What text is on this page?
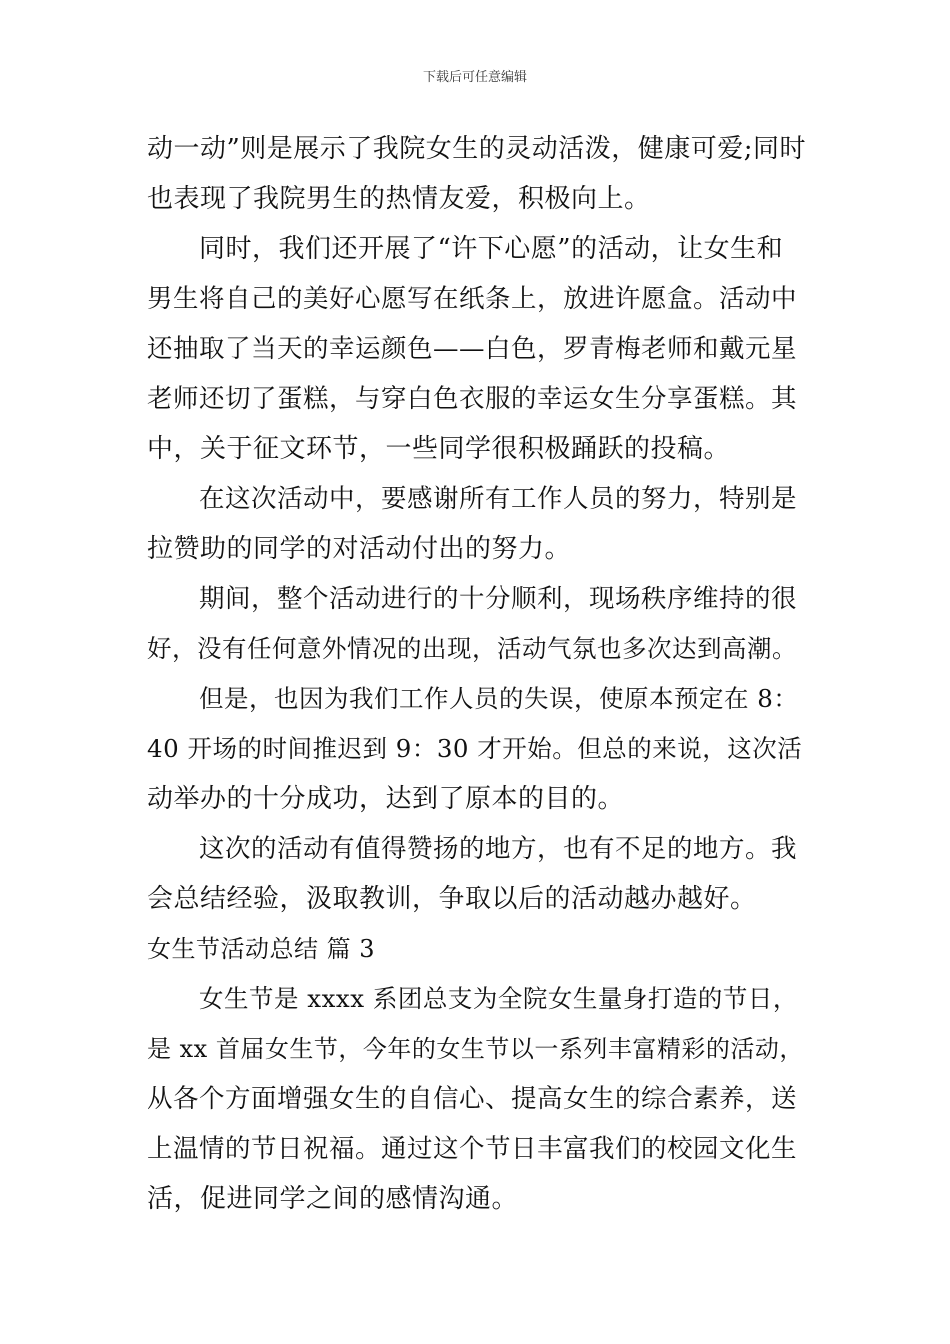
下载后可任意编辑
动一动”则是展示了我院女生的灵动活泼，健康可爱;同时
也表现了我院男生的热情友爱，积极向上。
同时，我们还开展了“许下心愿”的活动，让女生和
男生将自己的美好心愿写在纸条上，放进许愿盒。活动中
还抽取了当天的幸运颜色——白色，罗青梅老师和戴元星
老师还切了蛋糕，与穿白色衣服的幸运女生分享蛋糕。其
中，关于征文环节，一些同学很积极踊跃的投稿。
在这次活动中，要感谢所有工作人员的努力，特别是
拉赞助的同学的对活动付出的努力。
期间，整个活动进行的十分顺利，现场秩序维持的很
好，没有任何意外情况的出现，活动气氛也多次达到高潮。
但是，也因为我们工作人员的失误，使原本预定在 8：
40 开场的时间推迟到 9：30 才开始。但总的来说，这次活
动举办的十分成功，达到了原本的目的。
这次的活动有值得赞扬的地方，也有不足的地方。我
会总结经验，汲取教训，争取以后的活动越办越好。
女生节活动总结 篇 3
女生节是 xxxx 系团总支为全院女生量身打造的节日，
是 xx 首届女生节，今年的女生节以一系列丰富精彩的活动，
从各个方面增强女生的自信心、提高女生的综合素养，送
上温情的节日祝福。通过这个节日丰富我们的校园文化生
活，促进同学之间的感情沟通。
